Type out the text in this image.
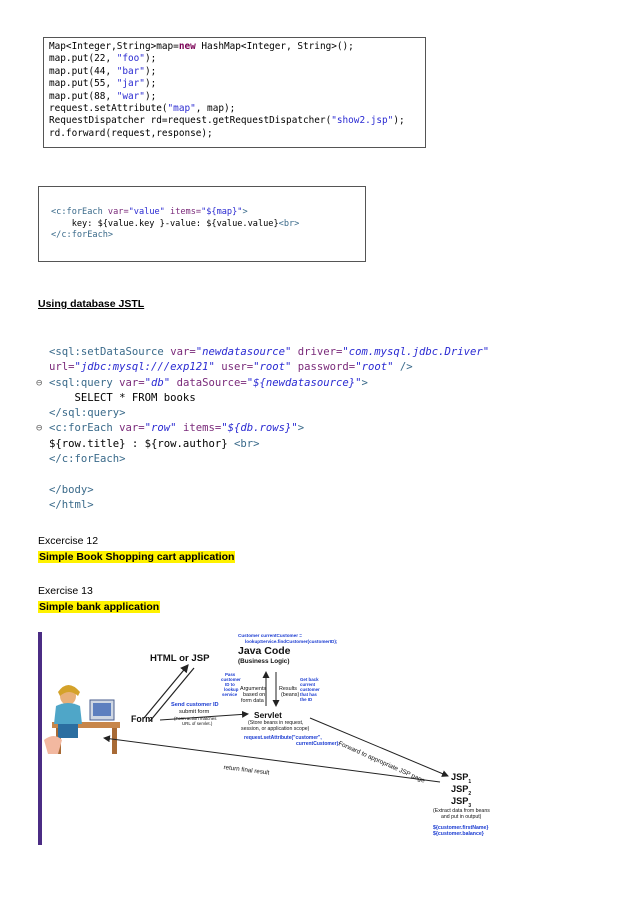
Map<Integer,String>map=new HashMap<Integer, String>();
map.put(22, "foo");
map.put(44, "bar");
map.put(55, "jar");
map.put(88, "war");
request.setAttribute("map", map);
RequestDispatcher rd=request.getRequestDispatcher("show2.jsp");
rd.forward(request,response);
<c:forEach var="value" items="${map}">
key: ${value.key }-value: ${value.value}<br>
</c:forEach>
Using database JSTL
<sql:setDataSource var="newdatasource" driver="com.mysql.jdbc.Driver"
url="jdbc:mysql:///exp121" user="root" password="root" />
⊖ <sql:query var="db" dataSource="${newdatasource}">
SELECT * FROM books
</sql:query>
⊖ <c:forEach var="row" items="${db.rows}">
${row.title} : ${row.author} <br>
</c:forEach>
</body>
</html>
Excercise 12
Simple Book Shopping cart application
Exercise 13
Simple bank application
Customer currentCustomer =
lookupService.findCustomer(customerID);
Java Code
(Business Logic)
HTML or JSP
Pass
customer
ID to
lookup
service
Arguments
based on
form data
Results
(beans)
Get back
current
customer
that has
the ID
Send customer ID
submit form
(Form action matches
URL of servlet.)
Form	Servlet
(Store beans in request,
session, or application scope)
request.setAttribute("customer",
currentCustomer);
Forward to appropriate JSP page
return final result
$JSP_1$
$JSP_2$
$JSP_3$
(Extract data from beans
and put in output)
${customer.firstName}
${customer.balance}
